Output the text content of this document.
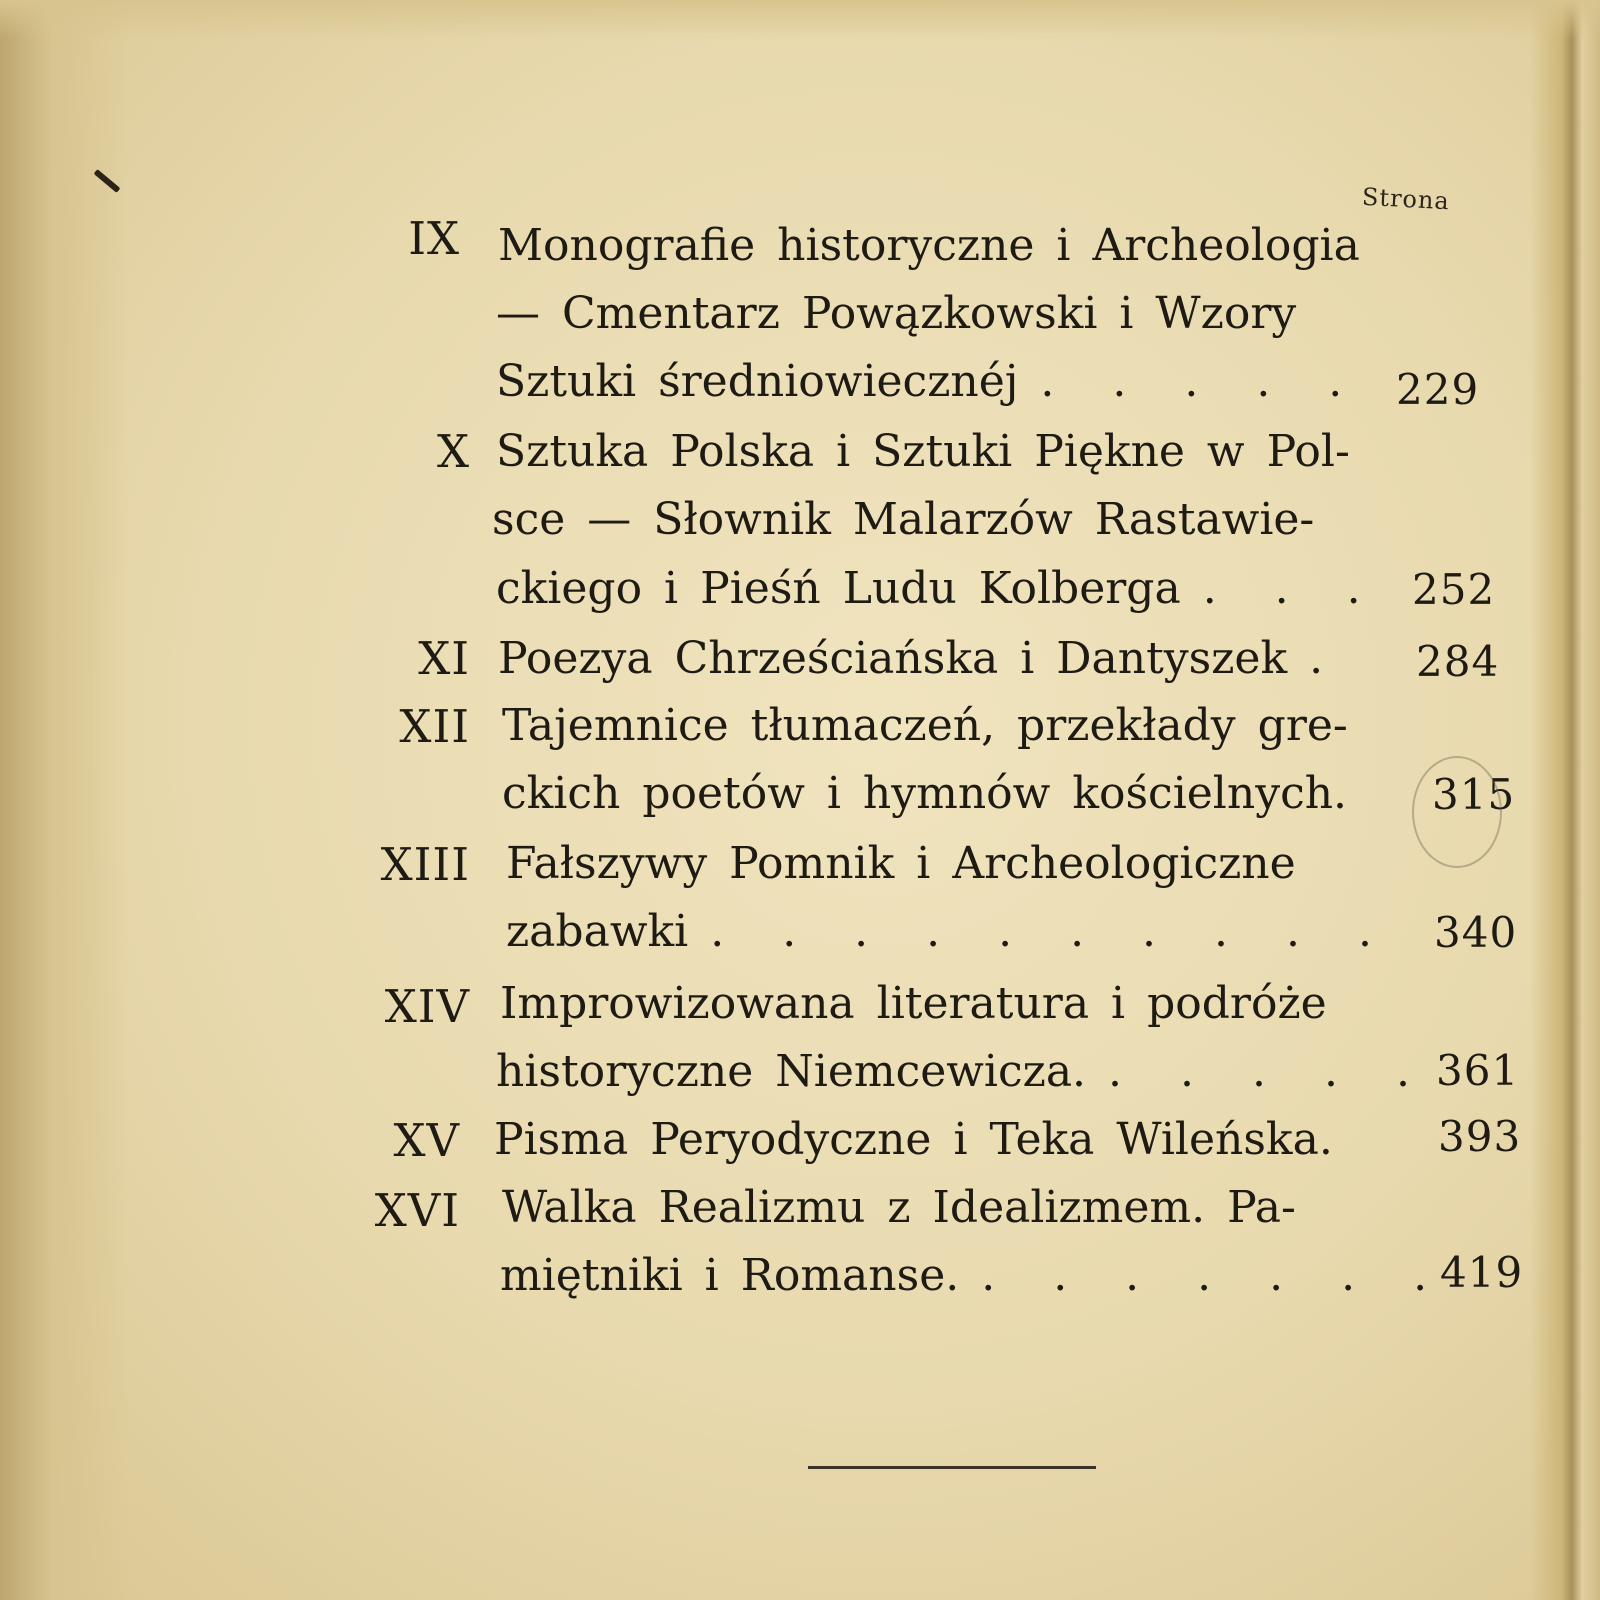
Strona
IX Monografie historyczne i Archeologia
— Cmentarz Powązkowski i Wzory
Sztuki średniowiecznéj . . . . . 229
X Sztuka Polska i Sztuki Piękne w Pol-
sce — Słownik Malarzów Rastawie-
ckiego i Pieśń Ludu Kolberga . . . 252
XI Poezya Chrześciańska i Dantyszek . 284
XII Tajemnice tłumaczeń, przekłady gre-
ckich poetów i hymnów kościelnych. 315
XIII Fałszywy Pomnik i Archeologiczne
zabawki . . . . . . . . . . 340
XIV Improwizowana literatura i podróże
historyczne Niemcewicza. . . . . . 361
XV Pisma Peryodyczne i Teka Wileńska.	393
XVI Walka Realizmu z Idealizmem. Pa-
miętniki i Romanse. . . . . . . .
419
